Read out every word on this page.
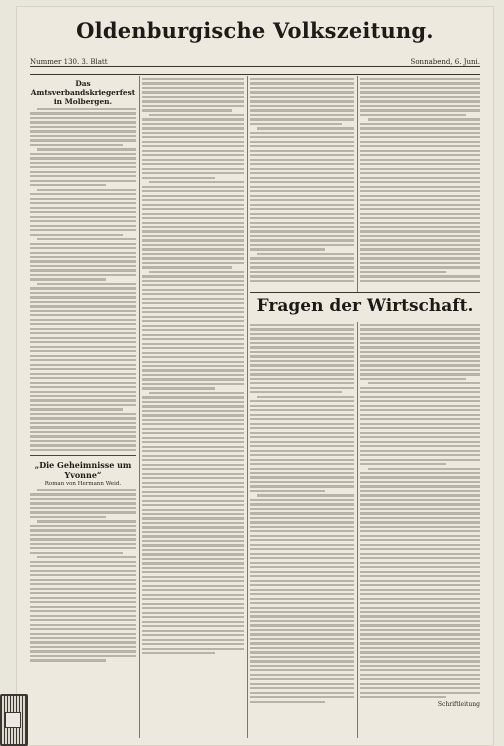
Oldenburgische Volkszeitung.
Nummer 130. 3. Blatt	Sonnabend, 6. Juni.
Das Amtsverbandskriegerfest in Molbergen.
„Die Geheimnisse um Yvonne“
Roman von Hermann Weid.
Fragen der Wirtschaft.
Schriftleitung
